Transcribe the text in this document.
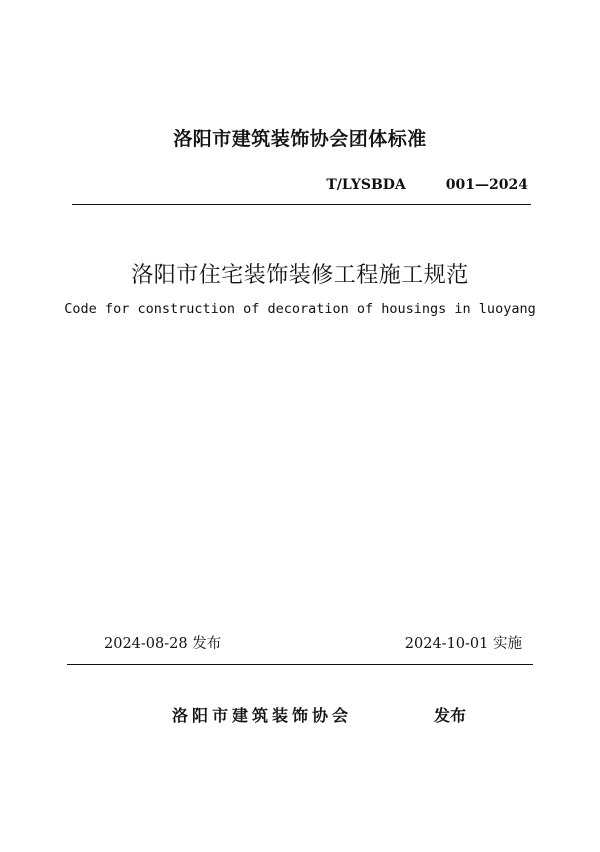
洛阳市建筑装饰协会团体标准
T/LYSBDA	001—2024
洛阳市住宅装饰装修工程施工规范
Code for construction of decoration of housings in luoyang
2024-08-28 发布	2024-10-01 实施
洛阳市建筑装饰协会	发布
